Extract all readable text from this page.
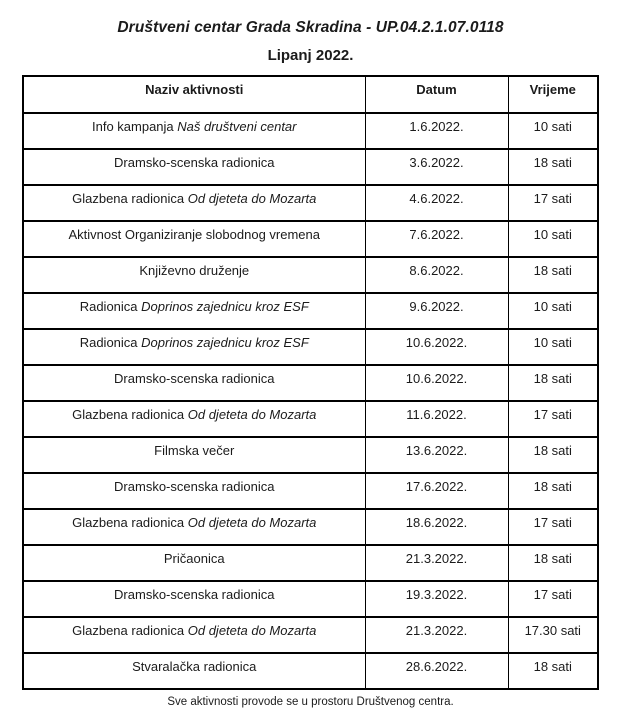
Društveni centar Grada Skradina - UP.04.2.1.07.0118
Lipanj 2022.
Naziv aktivnosti	Datum	Vrijeme
Info kampanja Naš društveni centar	1.6.2022.	10 sati
Dramsko-scenska radionica	3.6.2022.	18 sati
Glazbena radionica Od djeteta do Mozarta	4.6.2022.	17 sati
Aktivnost Organiziranje slobodnog vremena	7.6.2022.	10 sati
Književno druženje	8.6.2022.	18 sati
Radionica Doprinos zajednicu kroz ESF	9.6.2022.	10 sati
Radionica Doprinos zajednicu kroz ESF	10.6.2022.	10 sati
Dramsko-scenska radionica	10.6.2022.	18 sati
Glazbena radionica Od djeteta do Mozarta	11.6.2022.	17 sati
Filmska večer	13.6.2022.	18 sati
Dramsko-scenska radionica	17.6.2022.	18 sati
Glazbena radionica Od djeteta do Mozarta	18.6.2022.	17 sati
Pričaonica	21.3.2022.	18 sati
Dramsko-scenska radionica	19.3.2022.	17 sati
Glazbena radionica Od djeteta do Mozarta	21.3.2022.	17.30 sati
Stvaralačka radionica	28.6.2022.	18 sati
Sve aktivnosti provode se u prostoru Društvenog centra.
